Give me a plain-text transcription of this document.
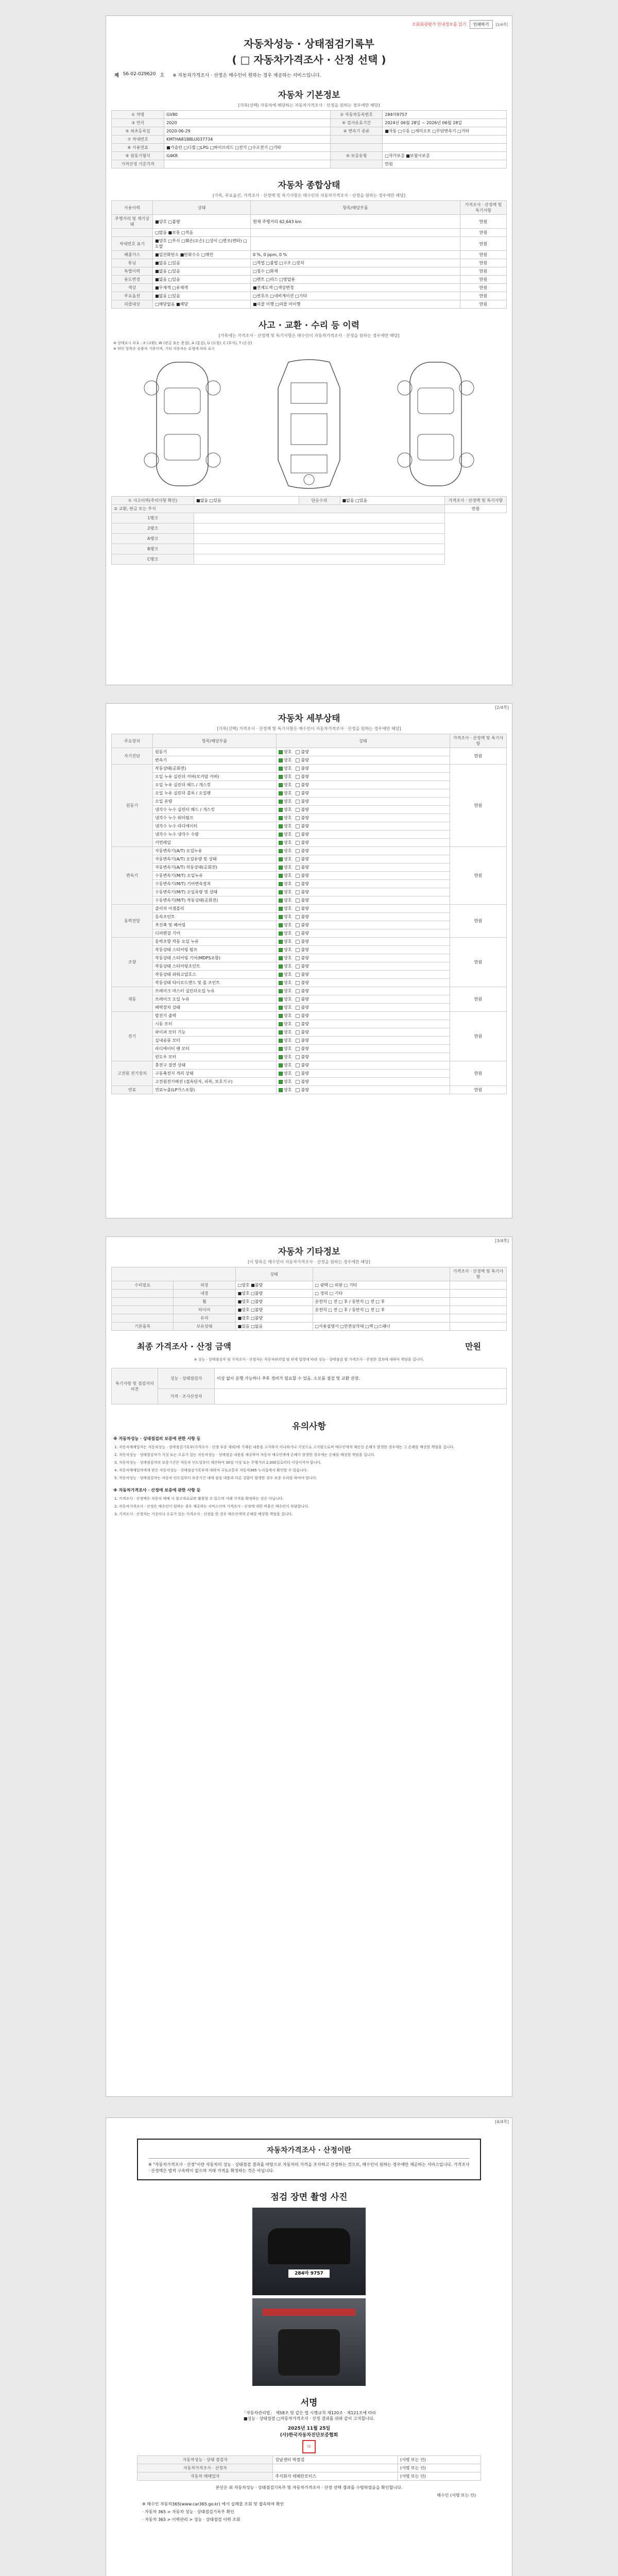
조회회원평가 안내정보를 읽기	인쇄하기	[1/4쪽]
자동차성능 · 상태점검기록부
( □ 자동차가격조사 · 산정 선택 )
제 S6-02-029620 호 ※ 자동차가격조사 · 산정은 매수인이 원하는 경우 제공하는 서비스입니다.
자동차 기본정보
[가목(선택) 자동차에 해당하는 자동차가격조사 · 산정을 원하는 경우에만 해당]
① 차명	GV80	② 자동차등록번호	284마9757
③ 연식	2020	④ 검사유효기간	2024년 06월 28일 ~ 2026년 06월 28일
⑤ 최초등록일	2020-06-29	⑥ 변속기 종류	■자동 □수동 □세미오토 □무단변속기 □기타
⑦ 차대번호	KMTHA81BBLU037734		
⑧ 사용연료	■가솔린 □디젤 □LPG □하이브리드 □전기 □수소전기 □기타		
⑨ 원동기형식	G4KR	⑩ 보증유형	□자가보증 ■보험사보증
가격산정 기준가격			만원
자동차 종합상태
[가목, 주요옵션, 가격조사 · 산정액 및 특기사항은 매수인의 자동차가격조사 · 산정을 원하는 경우에만 해당]
사용이력	상태	항목/해당부품	가격조사 · 산정액 및 특기사항
주행거리 및 계기상태	■양호 □불량	현재 주행거리 62,643 km	만원
	□많음 ■보통 □적음		만원
차대번호 표기	■양호 □부식 □훼손(오손) □상이 □변조(변타) □도말		만원
배출가스	■일산화탄소 ■탄화수소 □매연	0 %, 0 ppm, 0 %	만원
튜닝	■없음 □있음	□적법 □불법 □구조 □장치	만원
특별이력	■없음 □있음	□침수 □화재	만원
용도변경	■없음 □있음	□렌트 □리스 □영업용	만원
색상	■무채색 □유채색	■전체도색 □색상변경	만원
주요옵션	■없음 □있음	□썬루프 □네비게이션 □기타	만원
리콜대상	□해당없음 ■해당	■리콜 이행 □리콜 미이행	만원
사고 · 교환 · 수리 등 이력
[가목에는 가격조사 · 산정액 및 특기사항은 매수인이 자동차가격조사 · 산정을 원하는 경우에만 해당]
※ 상태표시 부호 : X (교환), W (판금 또는 용접), A (흠집), U (요철), C (부식), T (손상)
※ 하단 항목은 승용차 기준이며, 기타 자동차는 유형에 따라 표시
① 사고이력(주의사항 확인)	■없음 □있음	단순수리	■없음 □있음	가격조사 · 산정액 및 특기사항
② 교환, 판금 또는 부식				만원
1랭크				
2랭크				
A랭크				
B랭크				
C랭크				
[2/4쪽]
자동차 세부상태
[가목(선택) 가격조사 · 산정액 및 특기사항은 매수인이 자동차가격조사 · 산정을 원하는 경우에만 해당]
주요장치	항목/해당부품	상태	가격조사 · 산정액 및 특기사항
자기진단	원동기	양호 불량	만원
	변속기	양호 불량	
원동기	작동상태(공회전)	양호 불량	만원
	오일 누유 실린더 커버(로커암 커버)	양호 불량	
	오일 누유 실린더 헤드 / 개스킷	양호 불량	
	오일 누유 실린더 블록 / 오일팬	양호 불량	
	오일 유량	양호 불량	
	냉각수 누수 실린더 헤드 / 개스킷	양호 불량	
	냉각수 누수 워터펌프	양호 불량	
	냉각수 누수 라디에이터	양호 불량	
	냉각수 누수 냉각수 수량	양호 불량	
	커먼레일	양호 불량	
변속기	자동변속기(A/T) 오일누유	양호 불량	만원
	자동변속기(A/T) 오일유량 및 상태	양호 불량	
	자동변속기(A/T) 작동상태(공회전)	양호 불량	
	수동변속기(M/T) 오일누유	양호 불량	
	수동변속기(M/T) 기어변속장치	양호 불량	
	수동변속기(M/T) 오일유량 및 상태	양호 불량	
	수동변속기(M/T) 작동상태(공회전)	양호 불량	
동력전달	클러치 어셈블리	양호 불량	만원
	등속조인트	양호 불량	
	추진축 및 베어링	양호 불량	
	디퍼렌셜 기어	양호 불량	
조향	동력조향 작동 오일 누유	양호 불량	만원
	작동상태 스티어링 펌프	양호 불량	
	작동상태 스티어링 기어(MDPS포함)	양호 불량	
	작동상태 스티어링조인트	양호 불량	
	작동상태 파워고압호스	양호 불량	
	작동상태 타이로드엔드 및 볼 조인트	양호 불량	
제동	브레이크 마스터 실린더오일 누유	양호 불량	만원
	브레이크 오일 누유	양호 불량	
	배력장치 상태	양호 불량	
전기	발전기 출력	양호 불량	만원
	시동 모터	양호 불량	
	와이퍼 모터 기능	양호 불량	
	실내송풍 모터	양호 불량	
	라디에이터 팬 모터	양호 불량	
	윈도우 모터	양호 불량	
고전원 전기장치	충전구 절연 상태	양호 불량	만원
	구동축전지 격리 상태	양호 불량	
	고전원전기배선 (접속단자, 피복, 보호기구)	양호 불량	
연료	연료누출(LP가스포함)	양호 불량	만원
[3/4쪽]
자동차 기타정보
[이 항목은 매수인이 자동차가격조사 · 산정을 원하는 경우에만 해당]
		상태		가격조사 · 산정액 및 특기사항
수리필요	외장	□양호 ■불량	□ 광택 □ 외판 □ 기타	
	내장	■양호 □불량	□ 정리 □ 기타	
	휠	■양호 □불량	운전석 □ 전 □ 후 / 동반석 □ 전 □ 후	
	타이어	■양호 □불량	운전석 □ 전 □ 후 / 동반석 □ 전 □ 후	
	유리	■양호 □불량		
기본품목	보유상태	■있음 □없음	□사용설명서 □안전삼각대 □잭 □스패너	
최종 가격조사 · 산정 금액	만원
※ 성능 · 상태점검자 및 가격조사 · 산정자는 자동차관리법 및 관계 법령에 따라 성능 · 상태점검 및 가격조사 · 산정한 결과에 대하여 책임을 집니다.
특기사항 및 점검자의 의견	성능 · 상태점검자	이상 없이 운행 가능하나 추후 정비가 필요할 수 있음. 소모품 점검 및 교환 권장.
	가격 · 조사산정자	
유의사항
※ 자동차성능 · 상태점검의 보증에 관한 사항 등
1. 자동차매매업자는 자동차성능 · 상태점검기록부(가격조사 · 산정 부분 제외)에 기재된 내용을 고지하지 아니하거나 거짓으로 고지함으로써 매수인에게 재산상 손해가 발생한 경우에는 그 손해를 배상할 책임을 집니다.
2. 자동차성능 · 상태점검자가 거짓 또는 오류가 있는 자동차성능 · 상태점검 내용을 제공하여 자동차 매수인에게 손해가 발생한 경우에는 손해를 배상할 책임을 집니다.
3. 자동차성능 · 상태점검자의 보증기간은 자동차 인도일부터 계산하여 30일 이상 또는 주행거리 2,000킬로미터 이상이어야 합니다.
4. 자동차매매업자에게 받은 자동차성능 · 상태점검기록부에 대하여 국토교통부 자동차365 누리집에서 확인할 수 있습니다.
5. 자동차성능 · 상태점검자는 자동차 인도일부터 보증기간 내에 점검 내용과 다른 결함이 발생한 경우 보증 수리를 하여야 합니다.
※ 자동차가격조사 · 산정에 보증에 관한 사항 등
1. 가격조사 · 산정액은 자동차 매매 시 참고자료로만 활용할 수 있으며 거래 가격을 확정하는 것은 아닙니다.
2. 자동차가격조사 · 산정은 매수인이 원하는 경우 제공하는 서비스이며 가격조사 · 산정에 대한 비용은 매수인이 부담합니다.
3. 가격조사 · 산정자는 거짓이나 오류가 있는 가격조사 · 산정을 한 경우 매수인에게 손해를 배상할 책임을 집니다.
[4/4쪽]
자동차가격조사 · 산정이란
※ "자동차가격조사 · 산정"이란 자동차의 성능 · 상태점검 결과를 바탕으로 자동차의 가격을 조사하고 산정하는 것으로, 매수인이 원하는 경우에만 제공하는 서비스입니다. 가격조사 · 산정액은 법적 구속력이 없으며 거래 가격을 확정하는 것은 아닙니다.
점검 장면 촬영 사진
284마 9757
서명
「자동차관리법」 제58조 및 같은 법 시행규칙 제120조 · 제121조에 따라
■성능 · 상태점검 □자동차가격조사 · 산정 결과를 위와 같이 고지합니다.
2025년 11월 25일
(사)한국자동차진단보증협회
印
자동차성능 · 상태 점검자	강남센터 박점검	(서명 또는 인)
자동차가격조사 · 산정자		(서명 또는 인)
자동차 매매업자	주식회사 테헤란모터스	(서명 또는 인)
본인은 위 자동차성능 · 상태점검기록부 및 자동차가격조사 · 산정 선택 결과를 수령하였음을 확인합니다.
매수인 (서명 또는 인)
※ 매수인 자동차365(www.car365.go.kr) 에서 실매물 조회 및 접속하여 확인
· 자동차 365 > 자동차 성능 · 상태점검기록부 확인
· 자동차 365 > 이력관리 > 성능 · 상태점검 이력 조회
